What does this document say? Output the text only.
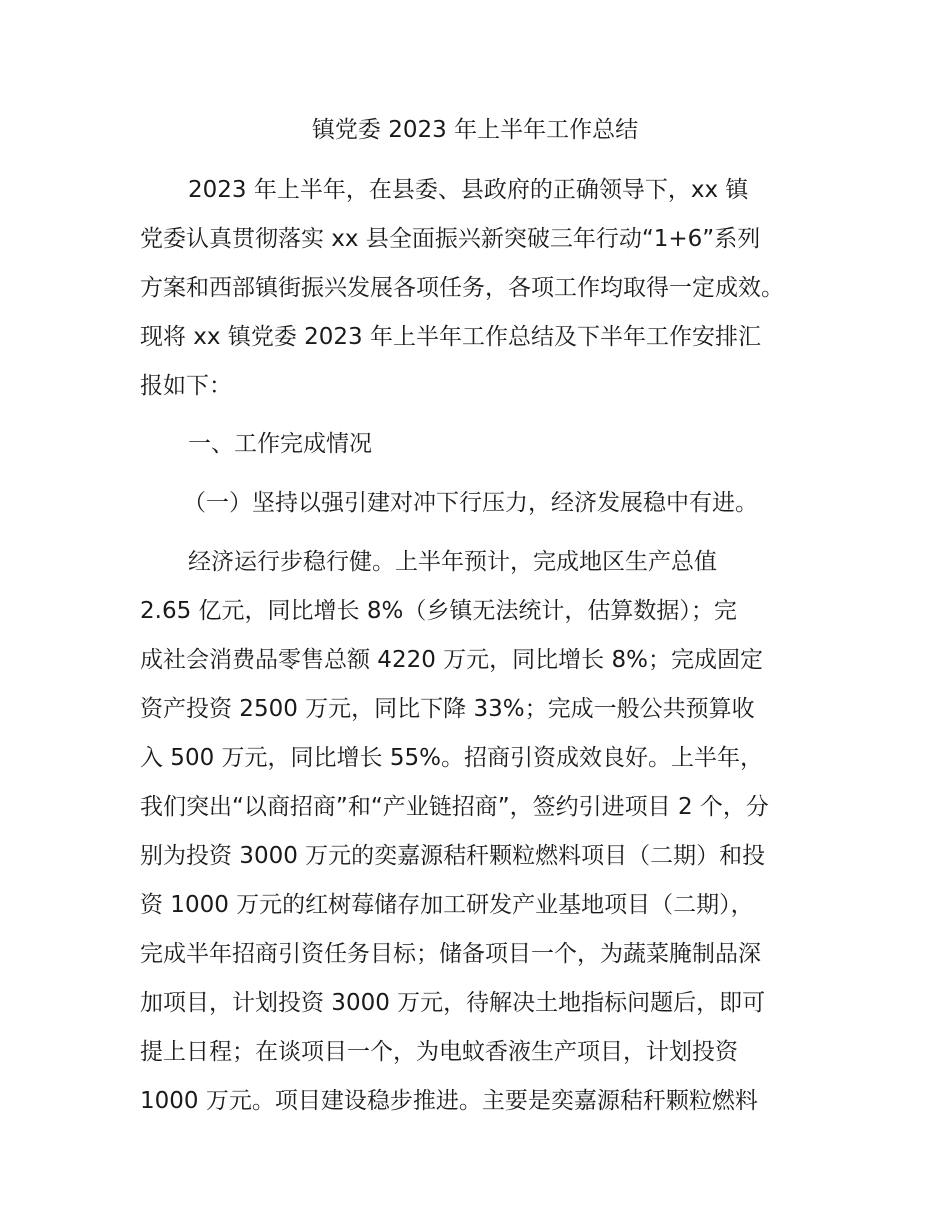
镇党委 2023 年上半年工作总结

2023 年上半年，在县委、县政府的正确领导下，xx 镇

党委认真贯彻落实 xx 县全面振兴新突破三年行动“1+6”系列

方案和西部镇街振兴发展各项任务，各项工作均取得一定成效。

现将 xx 镇党委 2023 年上半年工作总结及下半年工作安排汇

报如下：

一、工作完成情况

（一）坚持以强引建对冲下行压力，经济发展稳中有进。

经济运行步稳行健。上半年预计，完成地区生产总值

2.65 亿元，同比增长 8%（乡镇无法统计，估算数据）；完

成社会消费品零售总额 4220 万元，同比增长 8%；完成固定

资产投资 2500 万元，同比下降 33%；完成一般公共预算收

入 500 万元，同比增长 55%。招商引资成效良好。上半年，

我们突出“以商招商”和“产业链招商”，签约引进项目 2 个，分

别为投资 3000 万元的奕嘉源秸秆颗粒燃料项目（二期）和投

资 1000 万元的红树莓储存加工研发产业基地项目（二期），

完成半年招商引资任务目标；储备项目一个，为蔬菜腌制品深

加项目，计划投资 3000 万元，待解决土地指标问题后，即可

提上日程；在谈项目一个，为电蚊香液生产项目，计划投资

1000 万元。项目建设稳步推进。主要是奕嘉源秸秆颗粒燃料
